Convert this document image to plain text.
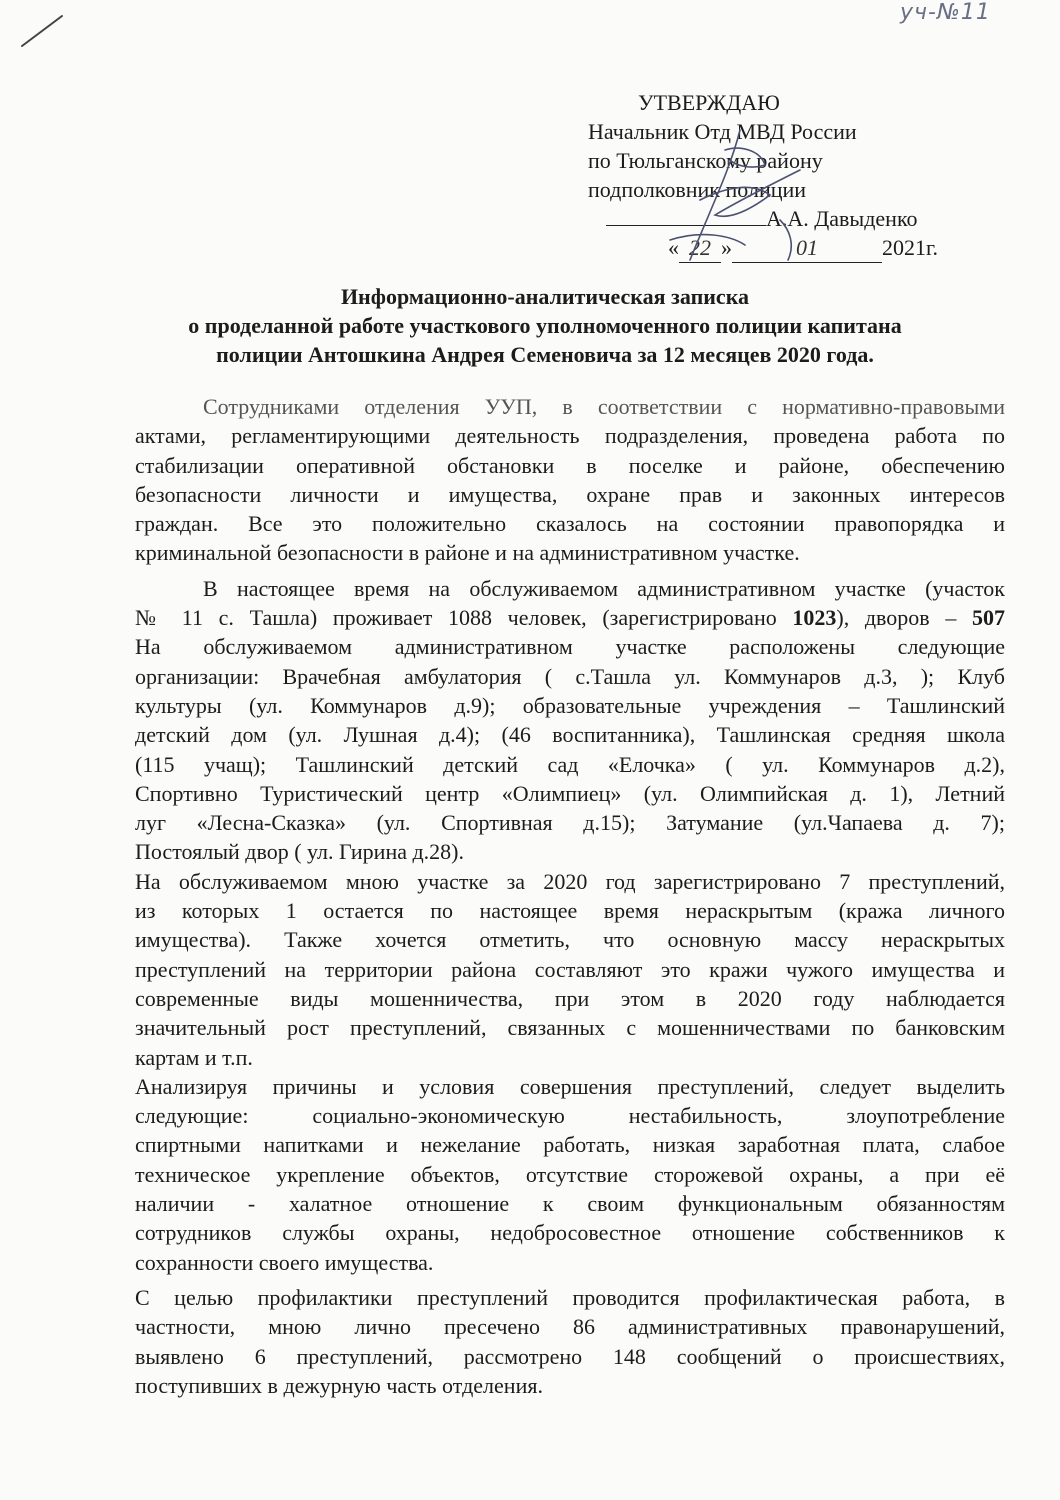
уч-№11
УТВЕРЖДАЮ
Начальник Отд МВД России
по Тюльганскому району
подполковник полиции
А.А. Давыденко
« 22 »	01	2021г.
Информационно-аналитическая записка
о проделанной работе участкового уполномоченного полиции капитана
полиции Антошкина Андрея Семеновича за 12 месяцев 2020 года.

Сотрудниками отделения УУП, в соответствии с нормативно-правовыми
актами, регламентирующими деятельность подразделения, проведена работа по
стабилизации оперативной обстановки в поселке и районе, обеспечению
безопасности личности и имущества, охране прав и законных интересов
граждан. Все это положительно сказалось на состоянии правопорядка и
криминальной безопасности в районе и на административном участке.

В настоящее время на обслуживаемом административном участке (участок
№ 11 с. Ташла) проживает 1088 человек, (зарегистрировано 1023), дворов – 507

На обслуживаемом административном участке расположены следующие
организации: Врачебная амбулатория ( с.Ташла ул. Коммунаров д.3, ); Клуб
культуры (ул. Коммунаров д.9); образовательные учреждения – Ташлинский
детский дом (ул. Лушная д.4); (46 воспитанника), Ташлинская средняя школа
(115 учащ); Ташлинский детский сад «Елочка» ( ул. Коммунаров д.2),
Спортивно Туристический центр «Олимпиец» (ул. Олимпийская д. 1), Летний
луг «Лесна-Сказка» (ул. Спортивная д.15); Затумание (ул.Чапаева д. 7);
Постоялый двор ( ул. Гирина д.28).

На обслуживаемом мною участке за 2020 год зарегистрировано 7 преступлений,
из которых 1 остается по настоящее время нераскрытым (кража личного
имущества). Также хочется отметить, что основную массу нераскрытых
преступлений на территории района составляют это кражи чужого имущества и
современные виды мошенничества, при этом в 2020 году наблюдается
значительный рост преступлений, связанных с мошенничествами по банковским
картам и т.п.

Анализируя причины и условия совершения преступлений, следует выделить
следующие: социально-экономическую нестабильность, злоупотребление
спиртными напитками и нежелание работать, низкая заработная плата, слабое
техническое укрепление объектов, отсутствие сторожевой охраны, а при её
наличии - халатное отношение к своим функциональным обязанностям
сотрудников службы охраны, недобросовестное отношение собственников к
сохранности своего имущества.

С целью профилактики преступлений проводится профилактическая работа, в
частности, мною лично пресечено 86 административных правонарушений,
выявлено 6 преступлений, рассмотрено 148 сообщений о происшествиях,
поступивших в дежурную часть отделения.
